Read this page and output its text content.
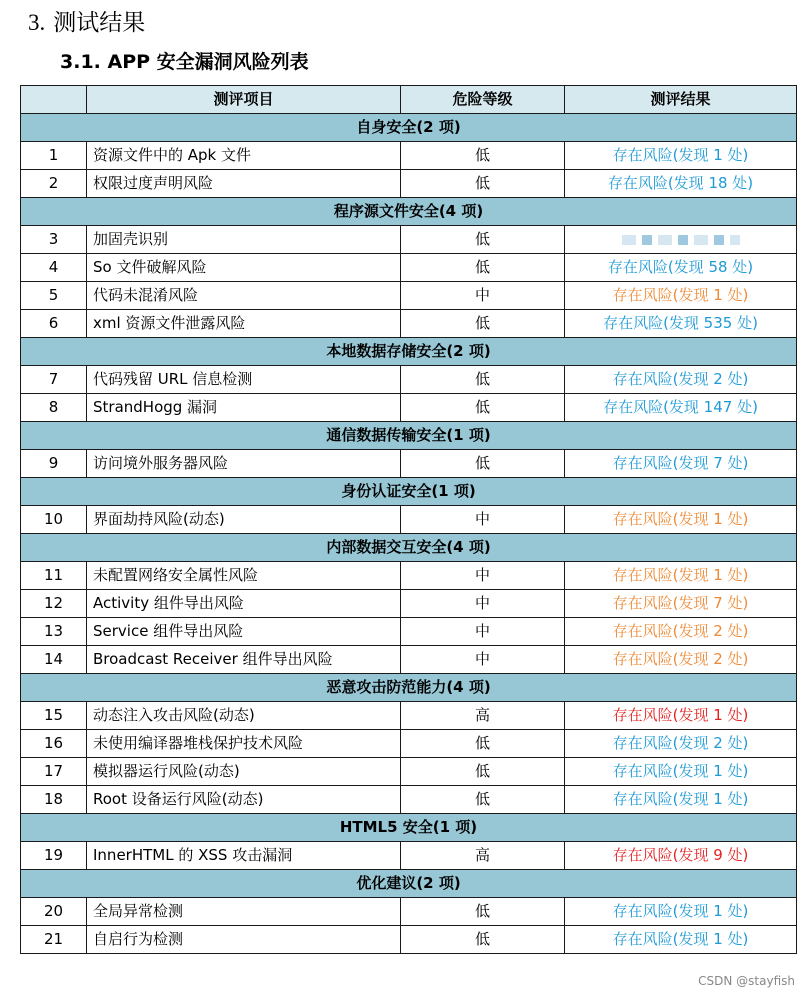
3. 测试结果
3.1. APP 安全漏洞风险列表
	测评项目	危险等级	测评结果
自身安全(2 项)			
1	资源文件中的 Apk 文件	低	存在风险(发现 1 处)
2	权限过度声明风险	低	存在风险(发现 18 处)
程序源文件安全(4 项)			
3	加固壳识别	低	
4	So 文件破解风险	低	存在风险(发现 58 处)
5	代码未混淆风险	中	存在风险(发现 1 处)
6	xml 资源文件泄露风险	低	存在风险(发现 535 处)
本地数据存储安全(2 项)			
7	代码残留 URL 信息检测	低	存在风险(发现 2 处)
8	StrandHogg 漏洞	低	存在风险(发现 147 处)
通信数据传输安全(1 项)			
9	访问境外服务器风险	低	存在风险(发现 7 处)
身份认证安全(1 项)			
10	界面劫持风险(动态)	中	存在风险(发现 1 处)
内部数据交互安全(4 项)			
11	未配置网络安全属性风险	中	存在风险(发现 1 处)
12	Activity 组件导出风险	中	存在风险(发现 7 处)
13	Service 组件导出风险	中	存在风险(发现 2 处)
14	Broadcast Receiver 组件导出风险	中	存在风险(发现 2 处)
恶意攻击防范能力(4 项)			
15	动态注入攻击风险(动态)	高	存在风险(发现 1 处)
16	未使用编译器堆栈保护技术风险	低	存在风险(发现 2 处)
17	模拟器运行风险(动态)	低	存在风险(发现 1 处)
18	Root 设备运行风险(动态)	低	存在风险(发现 1 处)
HTML5 安全(1 项)			
19	InnerHTML 的 XSS 攻击漏洞	高	存在风险(发现 9 处)
优化建议(2 项)			
20	全局异常检测	低	存在风险(发现 1 处)
21	自启行为检测	低	存在风险(发现 1 处)
CSDN @stayfish
